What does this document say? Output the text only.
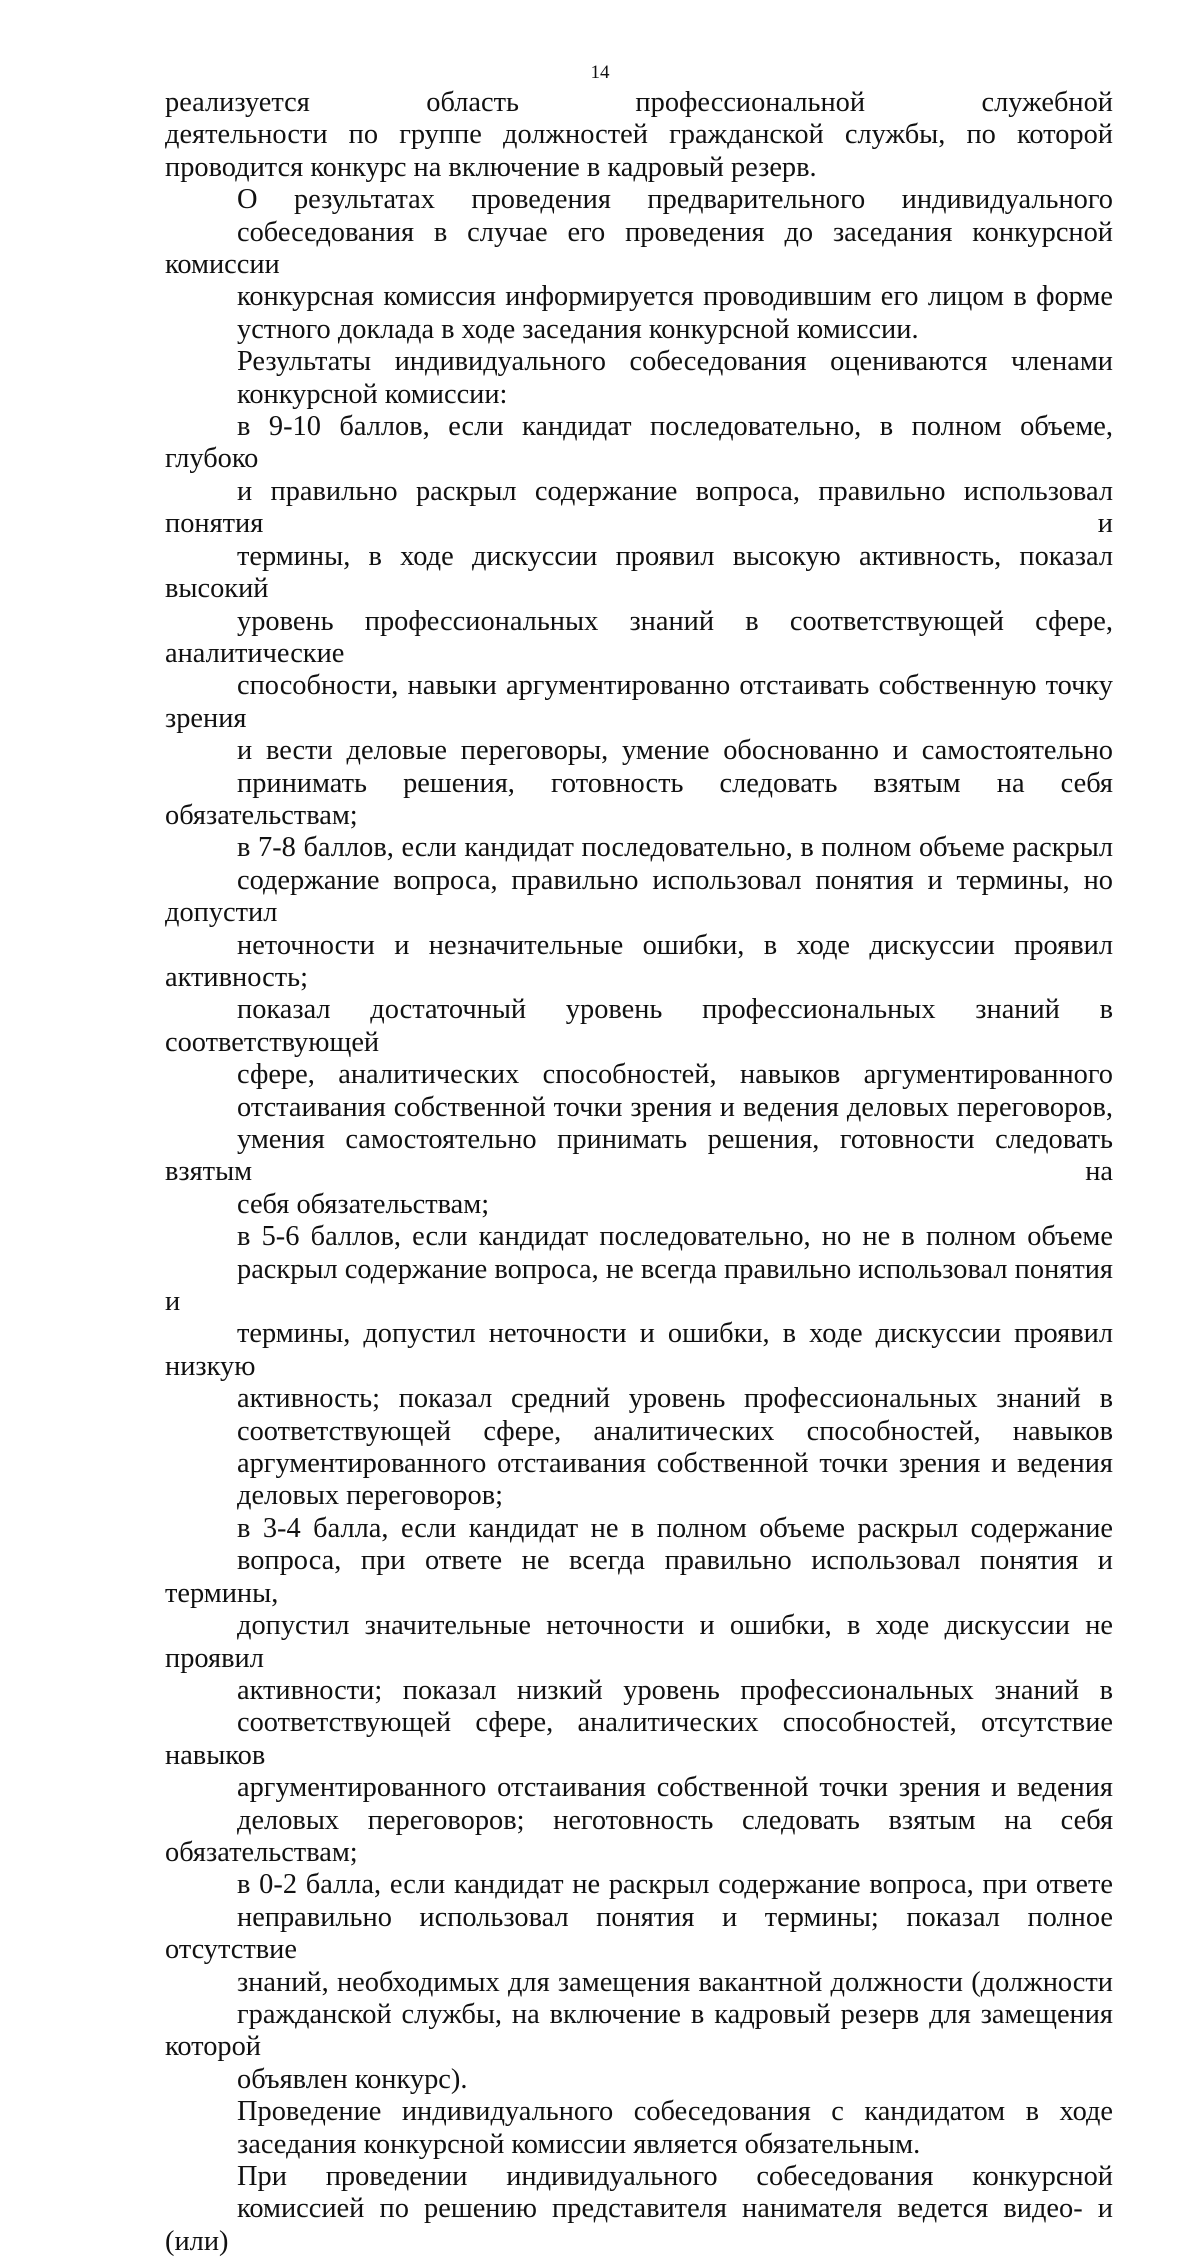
14

реализуется область профессиональной служебной
деятельности по группе должностей гражданской службы, по которой
проводится конкурс на включение в кадровый резерв.

О результатах проведения предварительного индивидуального
собеседования в случае его проведения до заседания конкурсной комиссии
конкурсная комиссия информируется проводившим его лицом в форме
устного доклада в ходе заседания конкурсной комиссии.

Результаты индивидуального собеседования оцениваются членами
конкурсной комиссии:

в 9-10 баллов, если кандидат последовательно, в полном объеме, глубоко
и правильно раскрыл содержание вопроса, правильно использовал понятия и
термины, в ходе дискуссии проявил высокую активность, показал высокий
уровень профессиональных знаний в соответствующей сфере, аналитические
способности, навыки аргументированно отстаивать собственную точку зрения
и вести деловые переговоры, умение обоснованно и самостоятельно
принимать решения, готовность следовать взятым на себя обязательствам;

в 7-8 баллов, если кандидат последовательно, в полном объеме раскрыл
содержание вопроса, правильно использовал понятия и термины, но допустил
неточности и незначительные ошибки, в ходе дискуссии проявил активность;
показал достаточный уровень профессиональных знаний в соответствующей
сфере, аналитических способностей, навыков аргументированного
отстаивания собственной точки зрения и ведения деловых переговоров,
умения самостоятельно принимать решения, готовности следовать взятым на
себя обязательствам;

в 5-6 баллов, если кандидат последовательно, но не в полном объеме
раскрыл содержание вопроса, не всегда правильно использовал понятия и
термины, допустил неточности и ошибки, в ходе дискуссии проявил низкую
активность; показал средний уровень профессиональных знаний в
соответствующей сфере, аналитических способностей, навыков
аргументированного отстаивания собственной точки зрения и ведения
деловых переговоров;

в 3-4 балла, если кандидат не в полном объеме раскрыл содержание
вопроса, при ответе не всегда правильно использовал понятия и термины,
допустил значительные неточности и ошибки, в ходе дискуссии не проявил
активности; показал низкий уровень профессиональных знаний в
соответствующей сфере, аналитических способностей, отсутствие навыков
аргументированного отстаивания собственной точки зрения и ведения
деловых переговоров; неготовность следовать взятым на себя обязательствам;

в 0-2 балла, если кандидат не раскрыл содержание вопроса, при ответе
неправильно использовал понятия и термины; показал полное отсутствие
знаний, необходимых для замещения вакантной должности (должности
гражданской службы, на включение в кадровый резерв для замещения которой
объявлен конкурс).

Проведение индивидуального собеседования с кандидатом в ходе
заседания конкурсной комиссии является обязательным.

При проведении индивидуального собеседования конкурсной
комиссией по решению представителя нанимателя ведется видео- и (или)
